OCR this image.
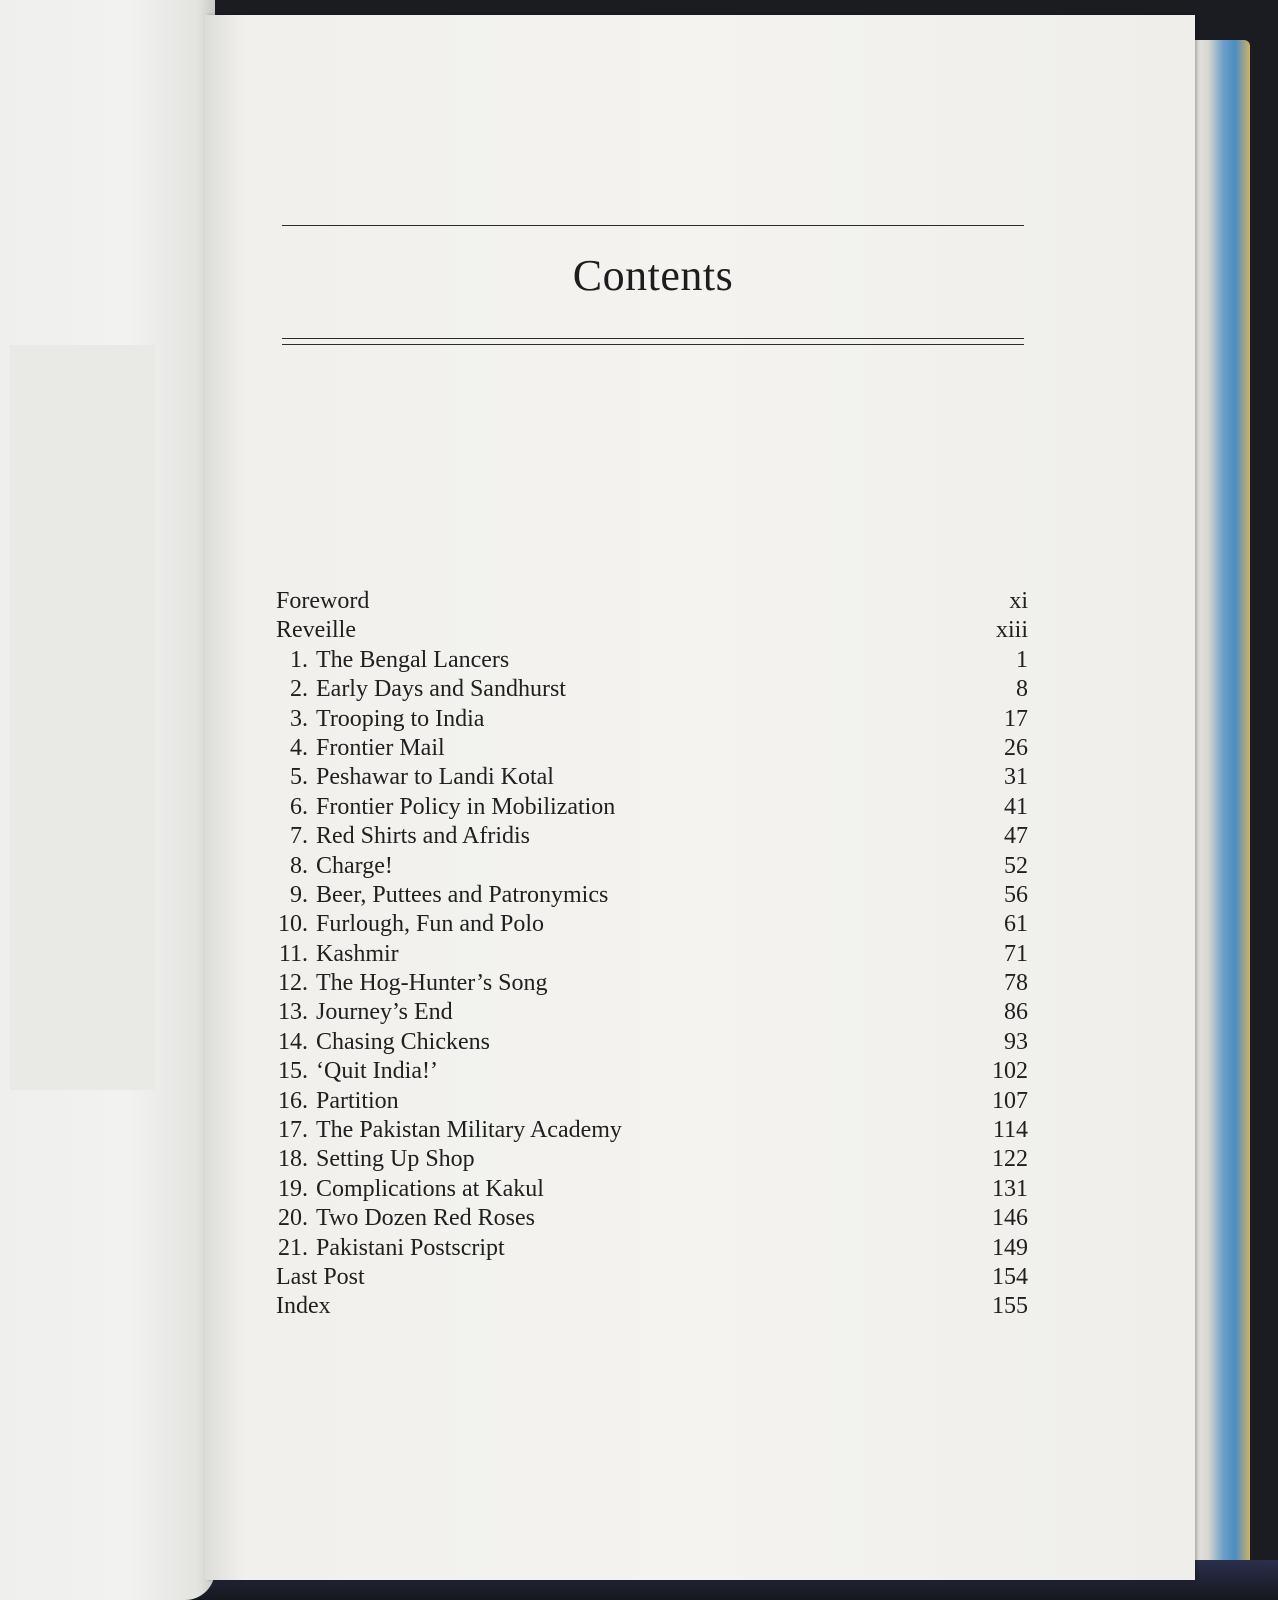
Contents
Foreword	xi
Reveille	xiii
1. The Bengal Lancers	1
2. Early Days and Sandhurst	8
3. Trooping to India	17
4. Frontier Mail	26
5. Peshawar to Landi Kotal	31
6. Frontier Policy in Mobilization	41
7. Red Shirts and Afridis	47
8. Charge!	52
9. Beer, Puttees and Patronymics	56
10. Furlough, Fun and Polo	61
11. Kashmir	71
12. The Hog-Hunter’s Song	78
13. Journey’s End	86
14. Chasing Chickens	93
15. ‘Quit India!’	102
16. Partition	107
17. The Pakistan Military Academy	114
18. Setting Up Shop	122
19. Complications at Kakul	131
20. Two Dozen Red Roses	146
21. Pakistani Postscript	149
Last Post	154
Index	155
